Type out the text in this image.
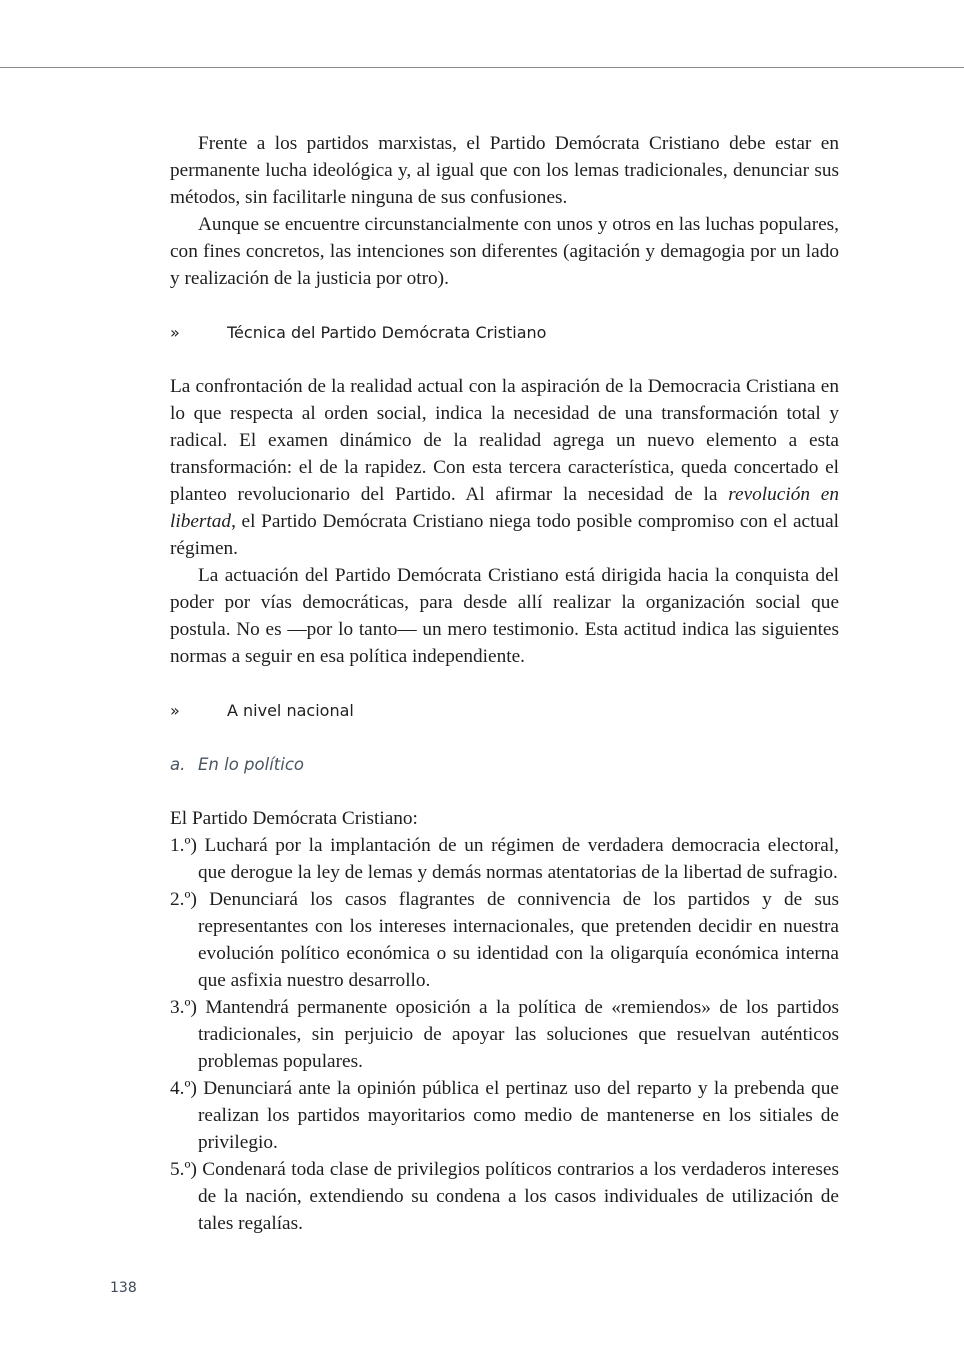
Frente a los partidos marxistas, el Partido Demócrata Cristiano debe estar en permanente lucha ideológica y, al igual que con los lemas tradicionales, denunciar sus métodos, sin facilitarle ninguna de sus confusiones.

Aunque se encuentre circunstancialmente con unos y otros en las luchas populares, con fines concretos, las intenciones son diferentes (agitación y demagogia por un lado y realización de la justicia por otro).

»	Técnica del Partido Demócrata Cristiano

La confrontación de la realidad actual con la aspiración de la Democracia Cristiana en lo que respecta al orden social, indica la necesidad de una transformación total y radical. El examen dinámico de la realidad agrega un nuevo elemento a esta transformación: el de la rapidez. Con esta tercera característica, queda concertado el planteo revolucionario del Partido. Al afirmar la necesidad de la revolución en libertad, el Partido Demócrata Cristiano niega todo posible compromiso con el actual régimen.

La actuación del Partido Demócrata Cristiano está dirigida hacia la conquista del poder por vías democráticas, para desde allí realizar la organización social que postula. No es —por lo tanto— un mero testimonio. Esta actitud indica las siguientes normas a seguir en esa política independiente.

»	A nivel nacional
a. En lo político

El Partido Demócrata Cristiano:

1.º) Luchará por la implantación de un régimen de verdadera democracia electoral, que derogue la ley de lemas y demás normas atentatorias de la libertad de sufragio.
2.º) Denunciará los casos flagrantes de connivencia de los partidos y de sus representantes con los intereses internacionales, que pretenden decidir en nuestra evolución político económica o su identidad con la oligarquía económica interna que asfixia nuestro desarrollo.
3.º) Mantendrá permanente oposición a la política de «remiendos» de los partidos tradicionales, sin perjuicio de apoyar las soluciones que resuelvan auténticos problemas populares.
4.º) Denunciará ante la opinión pública el pertinaz uso del reparto y la prebenda que realizan los partidos mayoritarios como medio de mantenerse en los sitiales de privilegio.
5.º) Condenará toda clase de privilegios políticos contrarios a los verdaderos intereses de la nación, extendiendo su condena a los casos individuales de utilización de tales regalías.
138
